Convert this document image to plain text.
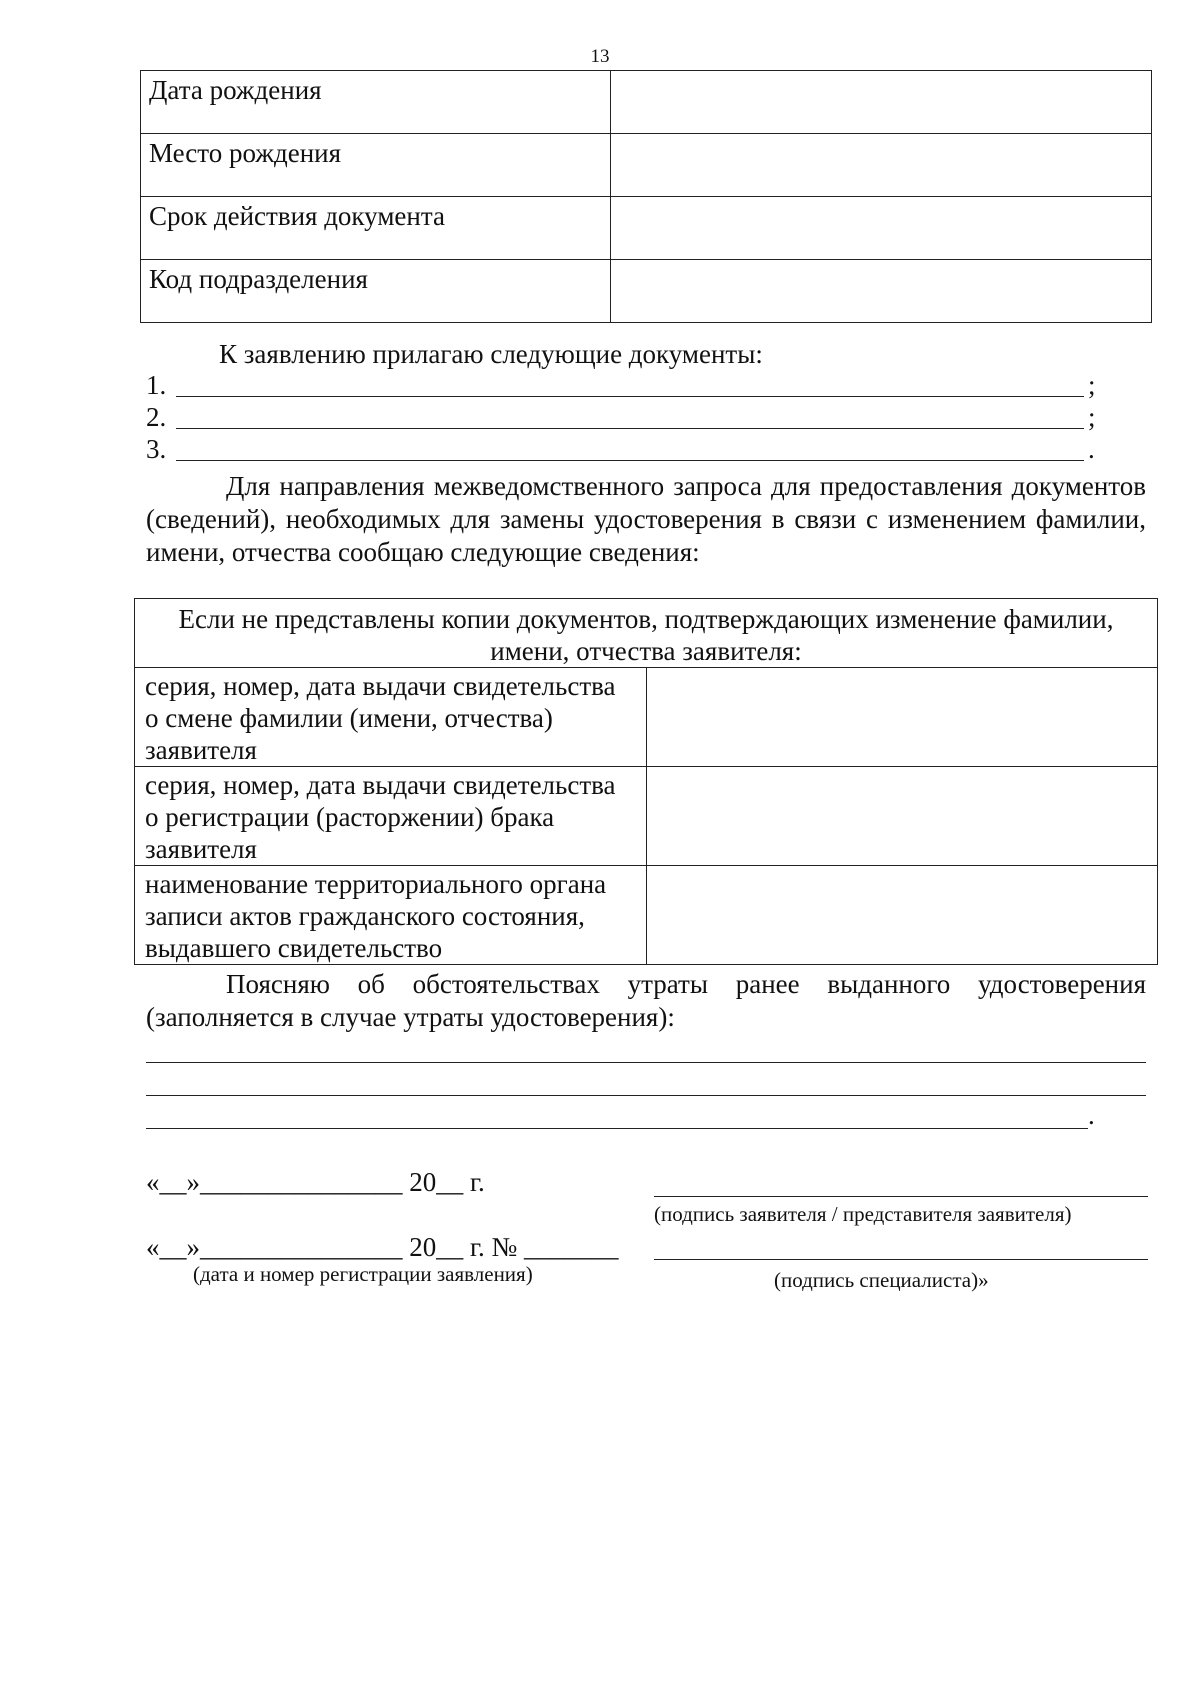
13
Дата рождения	
Место рождения	
Срок действия документа	
Код подразделения	
К заявлению прилагаю следующие документы:
1.	;
2.	;
3.	.
Для направления межведомственного запроса для предоставления документов (сведений), необходимых для замены удостоверения в связи с изменением фамилии, имени, отчества сообщаю следующие сведения:
Если не представлены копии документов, подтверждающих изменение фамилии, имени, отчества заявителя:	
серия, номер, дата выдачи свидетельства о смене фамилии (имени, отчества) заявителя	
серия, номер, дата выдачи свидетельства о регистрации (расторжении) брака заявителя	
наименование территориального органа записи актов гражданского состояния, выдавшего свидетельство	
Поясняю об обстоятельствах утраты ранее выданного удостоверения (заполняется в случае утраты удостоверения):
.
«__»_______________ 20__ г.
(подпись заявителя / представителя заявителя)
«__»_______________ 20__ г. № _______
(дата и номер регистрации заявления)	(подпись специалиста)»
